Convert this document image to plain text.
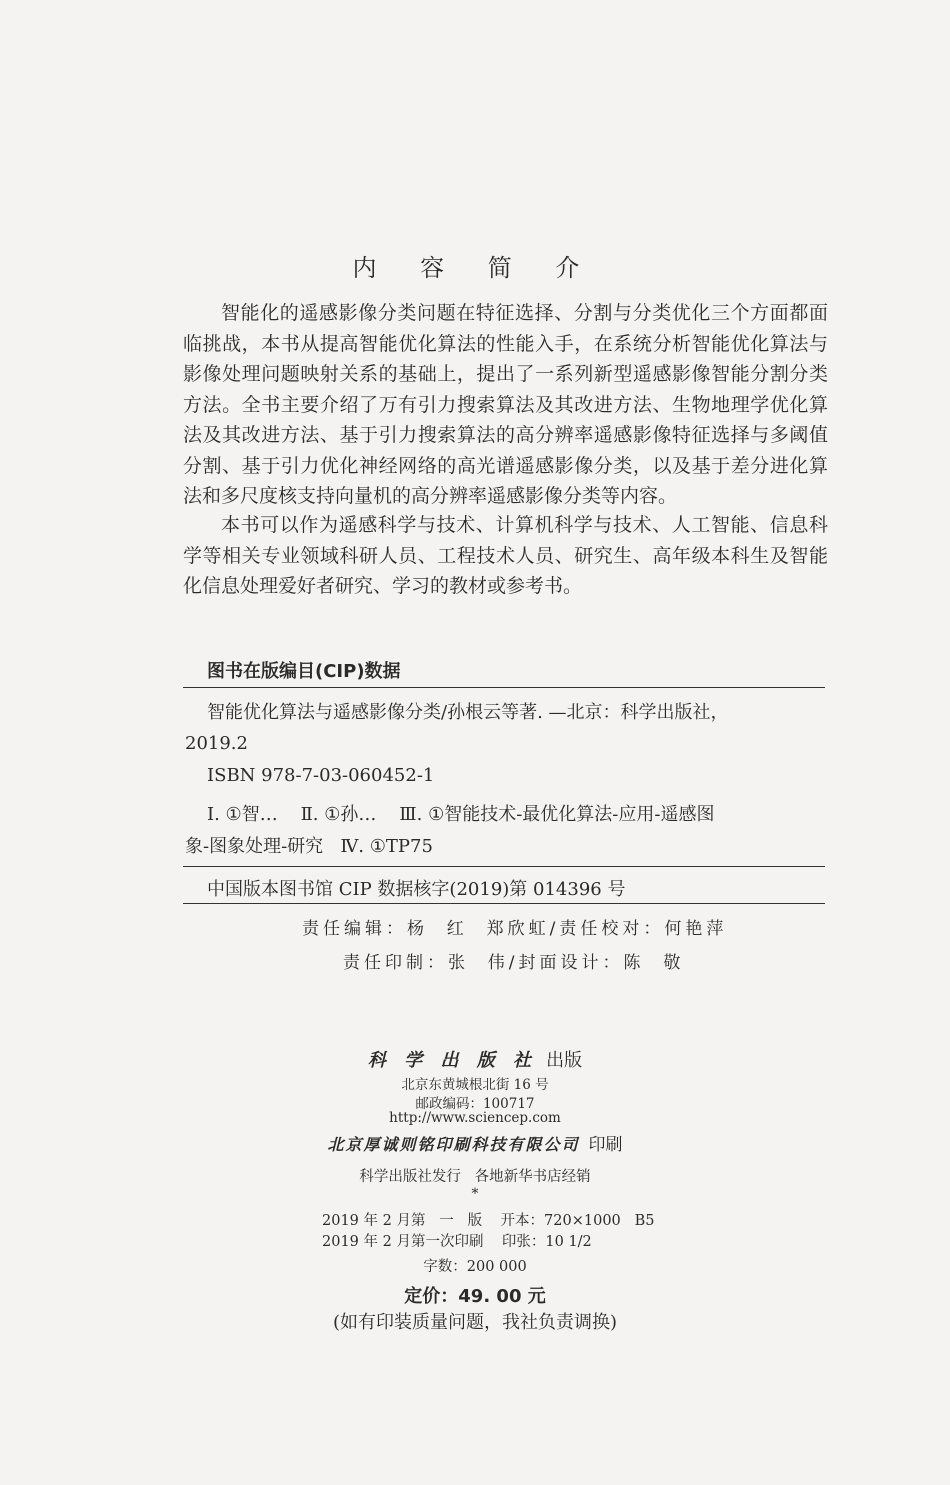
内 容 简 介

智能化的遥感影像分类问题在特征选择、分割与分类优化三个方面都面临挑战，本书从提高智能优化算法的性能入手，在系统分析智能优化算法与影像处理问题映射关系的基础上，提出了一系列新型遥感影像智能分割分类方法。全书主要介绍了万有引力搜索算法及其改进方法、生物地理学优化算法及其改进方法、基于引力搜索算法的高分辨率遥感影像特征选择与多阈值分割、基于引力优化神经网络的高光谱遥感影像分类，以及基于差分进化算法和多尺度核支持向量机的高分辨率遥感影像分类等内容。

本书可以作为遥感科学与技术、计算机科学与技术、人工智能、信息科学等相关专业领域科研人员、工程技术人员、研究生、高年级本科生及智能化信息处理爱好者研究、学习的教材或参考书。

图书在版编目(CIP)数据
智能优化算法与遥感影像分类/孙根云等著. —北京：科学出版社，
2019.2
ISBN 978-7-03-060452-1
Ⅰ. ①智…    Ⅱ. ①孙…    Ⅲ. ①智能技术-最优化算法-应用-遥感图
象-图象处理-研究   Ⅳ. ①TP75
中国版本图书馆 CIP 数据核字(2019)第 014396 号
责任编辑：杨  红  郑欣虹/责任校对：何艳萍
责任印制：张  伟/封面设计：陈  敬
科 学 出 版 社 出版
北京东黄城根北街 16 号
邮政编码：100717
http://www.sciencep.com
北京厚诚则铭印刷科技有限公司 印刷
科学出版社发行   各地新华书店经销
*
2019 年 2 月第   一   版    开本：720×1000   B5
2019 年 2 月第一次印刷    印张：10 1/2
字数：200 000
定价：49. 00 元
(如有印装质量问题，我社负责调换)
